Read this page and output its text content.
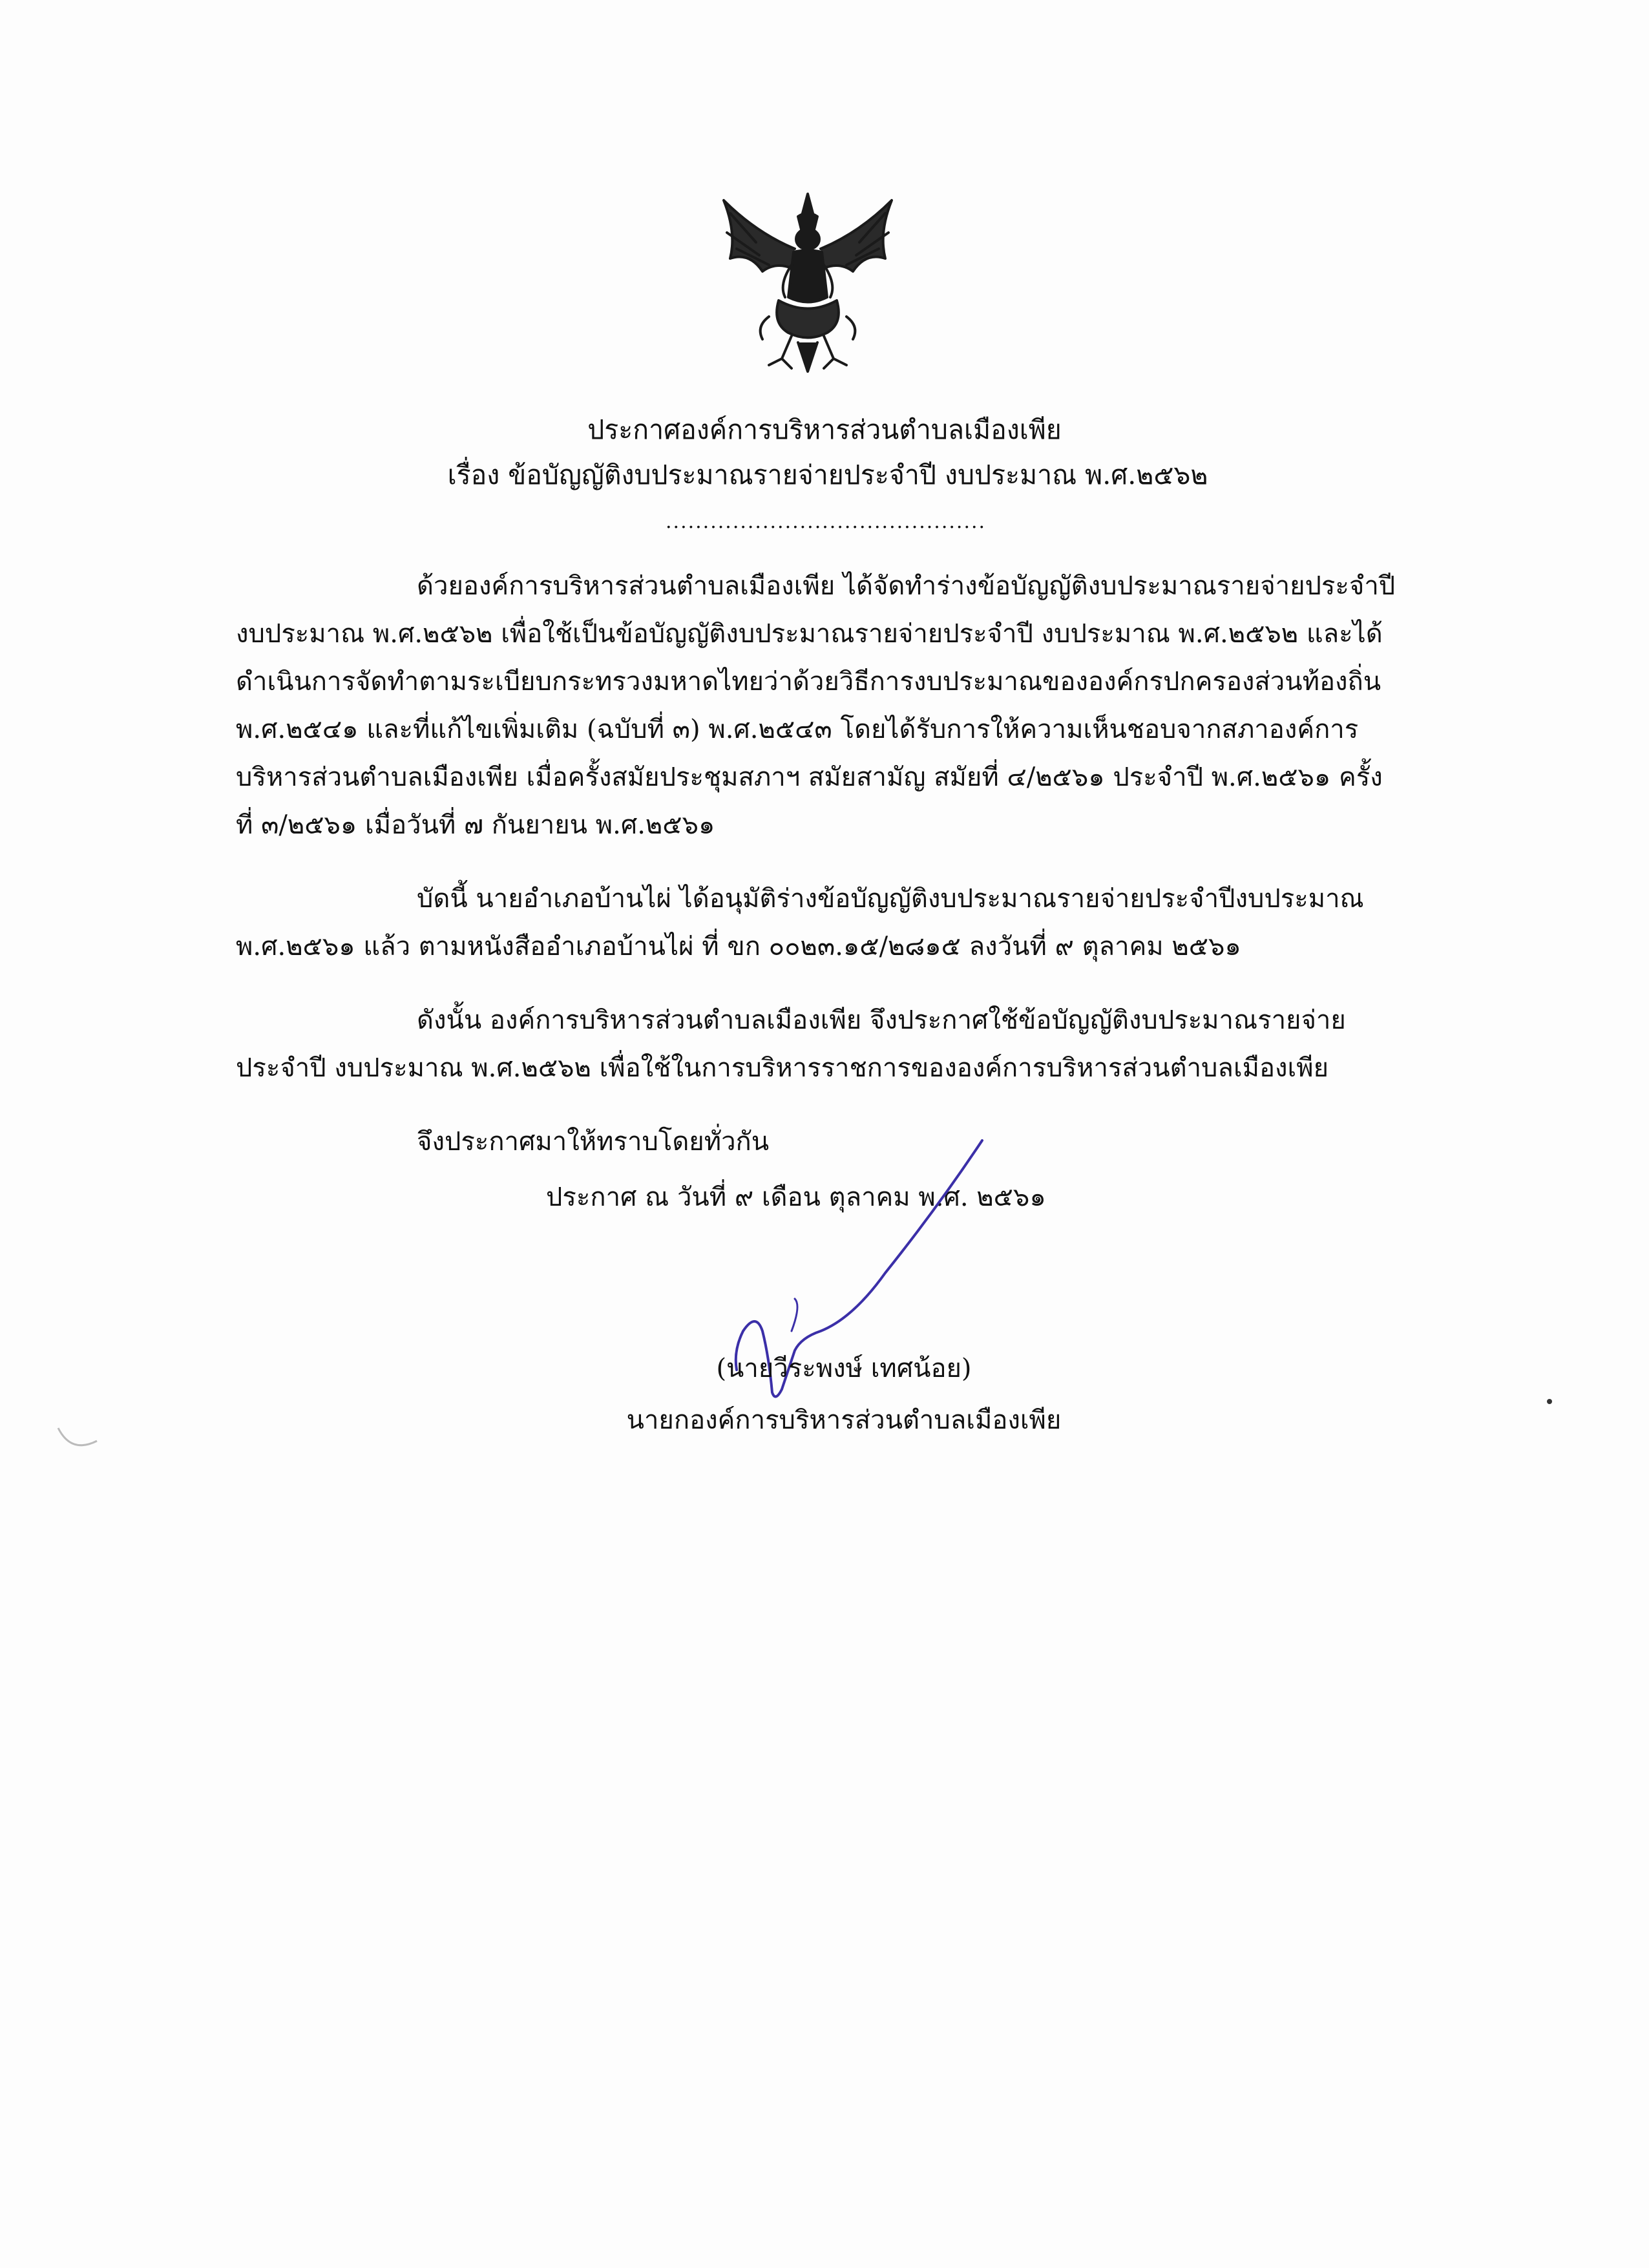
ประกาศองค์การบริหารส่วนตำบลเมืองเพีย
เรื่อง ข้อบัญญัติงบประมาณรายจ่ายประจำปี งบประมาณ พ.ศ.๒๕๖๒
...........................................
ด้วยองค์การบริหารส่วนตำบลเมืองเพีย ได้จัดทำร่างข้อบัญญัติงบประมาณรายจ่ายประจำปี
งบประมาณ พ.ศ.๒๕๖๒ เพื่อใช้เป็นข้อบัญญัติงบประมาณรายจ่ายประจำปี งบประมาณ พ.ศ.๒๕๖๒ และได้
ดำเนินการจัดทำตามระเบียบกระทรวงมหาดไทยว่าด้วยวิธีการงบประมาณขององค์กรปกครองส่วนท้องถิ่น
พ.ศ.๒๕๔๑ และที่แก้ไขเพิ่มเติม (ฉบับที่ ๓) พ.ศ.๒๕๔๓ โดยได้รับการให้ความเห็นชอบจากสภาองค์การ
บริหารส่วนตำบลเมืองเพีย เมื่อครั้งสมัยประชุมสภาฯ สมัยสามัญ สมัยที่ ๔/๒๕๖๑ ประจำปี พ.ศ.๒๕๖๑ ครั้ง
ที่ ๓/๒๕๖๑ เมื่อวันที่ ๗ กันยายน พ.ศ.๒๕๖๑
บัดนี้ นายอำเภอบ้านไผ่ ได้อนุมัติร่างข้อบัญญัติงบประมาณรายจ่ายประจำปีงบประมาณ
พ.ศ.๒๕๖๑ แล้ว ตามหนังสืออำเภอบ้านไผ่ ที่ ขก ๐๐๒๓.๑๕/๒๘๑๕ ลงวันที่ ๙ ตุลาคม ๒๕๖๑
ดังนั้น องค์การบริหารส่วนตำบลเมืองเพีย จึงประกาศใช้ข้อบัญญัติงบประมาณรายจ่าย
ประจำปี งบประมาณ พ.ศ.๒๕๖๒ เพื่อใช้ในการบริหารราชการขององค์การบริหารส่วนตำบลเมืองเพีย
จึงประกาศมาให้ทราบโดยทั่วกัน
ประกาศ ณ วันที่ ๙ เดือน ตุลาคม พ.ศ. ๒๕๖๑
(นายวีระพงษ์ เทศน้อย)
นายกองค์การบริหารส่วนตำบลเมืองเพีย
